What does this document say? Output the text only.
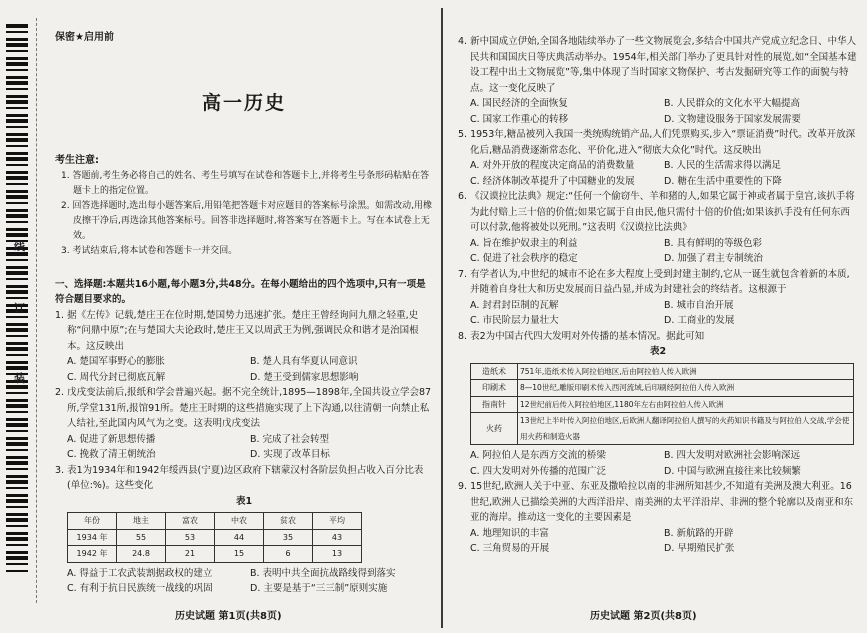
线
订
装
保密★启用前
高一历史
考生注意:

1. 答题前,考生务必将自己的姓名、考生号填写在试卷和答题卡上,并将考生号条形码粘贴在答题卡上的指定位置。

2. 回答选择题时,选出每小题答案后,用铅笔把答题卡对应题目的答案标号涂黑。如需改动,用橡皮擦干净后,再选涂其他答案标号。回答非选择题时,将答案写在答题卡上。写在本试卷上无效。

3. 考试结束后,将本试卷和答题卡一并交回。

一、选择题:本题共16小题,每小题3分,共48分。在每小题给出的四个选项中,只有一项是符合题目要求的。

1. 据《左传》记载,楚庄王在位时期,楚国势力迅速扩张。楚庄王曾经询问九鼎之轻重,史称“问鼎中原”;在与楚国大夫论政时,楚庄王又以周武王为例,强调民众和谐才是治国根本。这反映出

A. 楚国军事野心的膨胀	B. 楚人具有华夏认同意识
C. 周代分封已彻底瓦解	D. 楚王受到儒家思想影响

2. 戊戌变法前后,报纸和学会普遍兴起。据不完全统计,1895—1898年,全国共设立学会87所,学堂131所,报馆91所。楚庄王时期的这些措施实现了上下沟通,以往清朝一向禁止私人结社,至此国内风气为之变。这表明戊戌变法

A. 促进了新思想传播	B. 完成了社会转型
C. 挽救了清王朝统治	D. 实现了改革目标

3. 表1为1934年和1942年绥西县(宁夏)边区政府下辖蒙汉村各阶层负担占收入百分比表(单位:%)。这些变化

表1
年份	地主	富农	中农	贫农	平均
1934 年	55	53	44	35	43
1942 年	24.8	21	15	6	13
A. 得益于工农武装割据政权的建立	B. 表明中共全面抗战路线得到落实
C. 有利于抗日民族统一战线的巩固	D. 主要是基于“三三制”原则实施

4. 新中国成立伊始,全国各地陆续举办了一些文物展览会,多结合中国共产党成立纪念日、中华人民共和国国庆日等庆典活动举办。1954年,相关部门举办了更具针对性的展览,如“全国基本建设工程中出土文物展览”等,集中体现了当时国家文物保护、考古发掘研究等工作的面貌与特点。这一变化反映了

A. 国民经济的全面恢复	B. 人民群众的文化水平大幅提高
C. 国家工作重心的转移	D. 文物建设服务于国家发展需要

5. 1953年,糖品被列入我国一类统购统销产品,人们凭票购买,步入“票证消费”时代。改革开放深化后,糖品消费逐渐常态化、平价化,进入“彻底大众化”时代。这反映出

A. 对外开放的程度决定商品的消费数量	B. 人民的生活需求得以满足
C. 经济体制改革提升了中国糖业的发展	D. 糖在生活中重要性的下降

6. 《汉谟拉比法典》规定:“任何一个偷窃牛、羊和猪的人,如果它属于神或者属于皇宫,该扒手将为此付赔上三十倍的价值;如果它属于自由民,他只需付十倍的价值;如果该扒手没有任何东西可以付款,他将被处以死刑。”这表明《汉谟拉比法典》

A. 旨在维护奴隶主的利益	B. 具有鲜明的等级色彩
C. 促进了社会秩序的稳定	D. 加强了君主专制统治

7. 有学者认为,中世纪的城市不论在多大程度上受到封建主制约,它从一诞生就包含着新的本质,并随着自身壮大和历史发展而日益凸显,并成为封建社会的终结者。这根源于

A. 封君封臣制的瓦解	B. 城市自治开展
C. 市民阶层力量壮大	D. 工商业的发展

8. 表2为中国古代四大发明对外传播的基本情况。据此可知

表2
造纸术	751年,造纸术传入阿拉伯地区,后由阿拉伯人传入欧洲
印刷术	8—10世纪,雕版印刷术传入西河流域,后印刷经阿拉伯人传入欧洲
指南针	12世纪前后传入阿拉伯地区,1180年左右由阿拉伯人传入欧洲
火药	13世纪上半叶传入阿拉伯地区,后欧洲人翻译阿拉伯人撰写的火药知识书籍及与阿拉伯人交战,学会使用火药和制造火器
A. 阿拉伯人是东西方交流的桥梁	B. 四大发明对欧洲社会影响深远
C. 四大发明对外传播的范围广泛	D. 中国与欧洲直接往来比较频繁

9. 15世纪,欧洲人关于中亚、东亚及撒哈拉以南的非洲所知甚少,不知道有美洲及澳大利亚。16世纪,欧洲人已描绘美洲的大西洋沿岸、南美洲的太平洋沿岸、非洲的整个轮廓以及南亚和东亚的海岸。推动这一变化的主要因素是

A. 地理知识的丰富	B. 新航路的开辟
C. 三角贸易的开展	D. 早期殖民扩张
历史试题 第1页(共8页)	历史试题 第2页(共8页)
